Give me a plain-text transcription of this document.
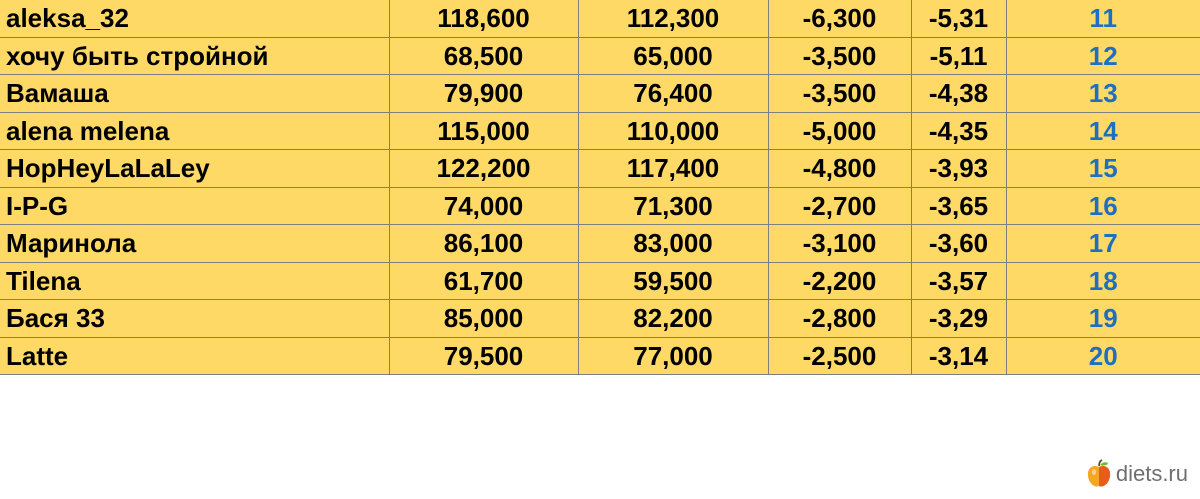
aleksa_32	118,600	112,300	-6,300	-5,31	11
хочу быть стройной	68,500	65,000	-3,500	-5,11	12
Вамаша	79,900	76,400	-3,500	-4,38	13
alena melena	115,000	110,000	-5,000	-4,35	14
HopHeyLaLaLey	122,200	117,400	-4,800	-3,93	15
I-P-G	74,000	71,300	-2,700	-3,65	16
Маринола	86,100	83,000	-3,100	-3,60	17
Tilena	61,700	59,500	-2,200	-3,57	18
Бася 33	85,000	82,200	-2,800	-3,29	19
Latte	79,500	77,000	-2,500	-3,14	20
diets.ru
